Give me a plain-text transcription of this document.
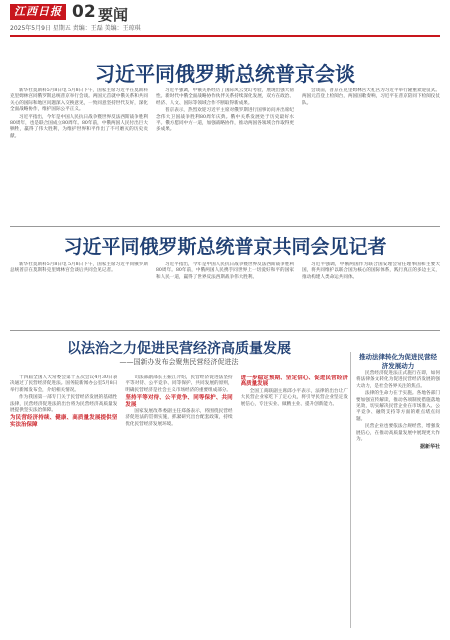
江西日报 02 要闻
2025年5月9日 星期五 责编：王磊 美编：王琼琪
习近平同俄罗斯总统普京会谈

新华社莫斯科5月8日电 5月8日下午，国家主席习近平在莫斯科克里姆林宫同俄罗斯总统普京举行会谈。两国元首就中俄关系和共同关心的国际和地区问题深入交换意见，一致同意坚持世代友好，深化全面战略协作，维护国际公平正义。

习近平指出，今年是中国人民抗日战争暨世界反法西斯战争胜利80周年，也是联合国成立80周年。80年前，中俄两国人民付出巨大牺牲，赢得了伟大胜利，为维护世界和平作出了不可磨灭的历史贡献。

习近平强调，中俄关系经历了国际风云变幻考验，展现出强大韧性。新时代中俄全面战略协作伙伴关系持续深化发展，双方在政治、经济、人文、国际等领域合作不断取得新成果。

普京表示，热烈欢迎习近平主席对俄罗斯进行国事访问并出席纪念伟大卫国战争胜利80周年庆典。俄中关系发展处于历史最好水平。俄方愿同中方一道，加强战略协作，推动两国各领域合作取得更多成果。

会谈前，普京在克里姆林宫大礼宫为习近平举行隆重欢迎仪式。两国元首登上检阅台，两国国歌奏响，习近平在普京陪同下检阅仪仗队。

习近平同俄罗斯总统普京共同会见记者

新华社莫斯科5月8日电 5月8日下午，国家主席习近平同俄罗斯总统普京在莫斯科克里姆林宫会谈后共同会见记者。

习近平指出，今年是中国人民抗日战争暨世界反法西斯战争胜利80周年。80年前，中俄两国人民携手同世界上一切爱好和平的国家和人民一道，赢得了世界反法西斯战争伟大胜利。

习近平强调，中俄两国作为联合国安理会常任理事国和主要大国，将共同维护以联合国为核心的国际体系，践行真正的多边主义，推动构建人类命运共同体。

以法治之力促进民营经济高质量发展
——国新办发布会聚焦民营经济促进法

十四届全国人大常委会第十五次会议4月30日表决通过了民营经济促进法。国务院新闻办公室5月8日举行新闻发布会，介绍相关情况。

作为我国第一部专门关于民营经济发展的基础性法律，民营经济促进法的出台将为民营经济高质量发展提供坚实法治保障。

为民营经济持续、健康、高质量发展提供坚实法治保障

司法部副部长王振江介绍，民营经济促进法坚持平等对待、公平竞争、同等保护、共同发展的原则，明确民营经济是社会主义市场经济的重要组成部分。

坚持平等对待、公平竞争、同等保护、共同发展

国家发展改革委副主任郑备表示，将围绕民营经济促进法的贯彻实施，抓紧研究出台配套政策，持续优化民营经济发展环境。

进一步稳定预期、坚定信心、促进民营经济高质量发展

全国工商联副主席邱小平表示，法律的出台让广大民营企业家吃下了定心丸，将引导民营企业坚定发展信心，专注实业、做精主业、提升创新能力。

推动法律转化为促进民营经济发展动力

民营经济促进法正式施行在即，如何将法律条文转化为促进民营经济发展的强大动力，是社会各界关注的焦点。

法律的生命力在于实施。各地各部门要加强宣传解读，推动各项制度措施落地见效，切实解决民营企业在市场准入、公平竞争、融资支持等方面的难点堵点问题。

民营企业也要依法合规经营，增强发展信心，在推动高质量发展中展现更大作为。

据新华社
